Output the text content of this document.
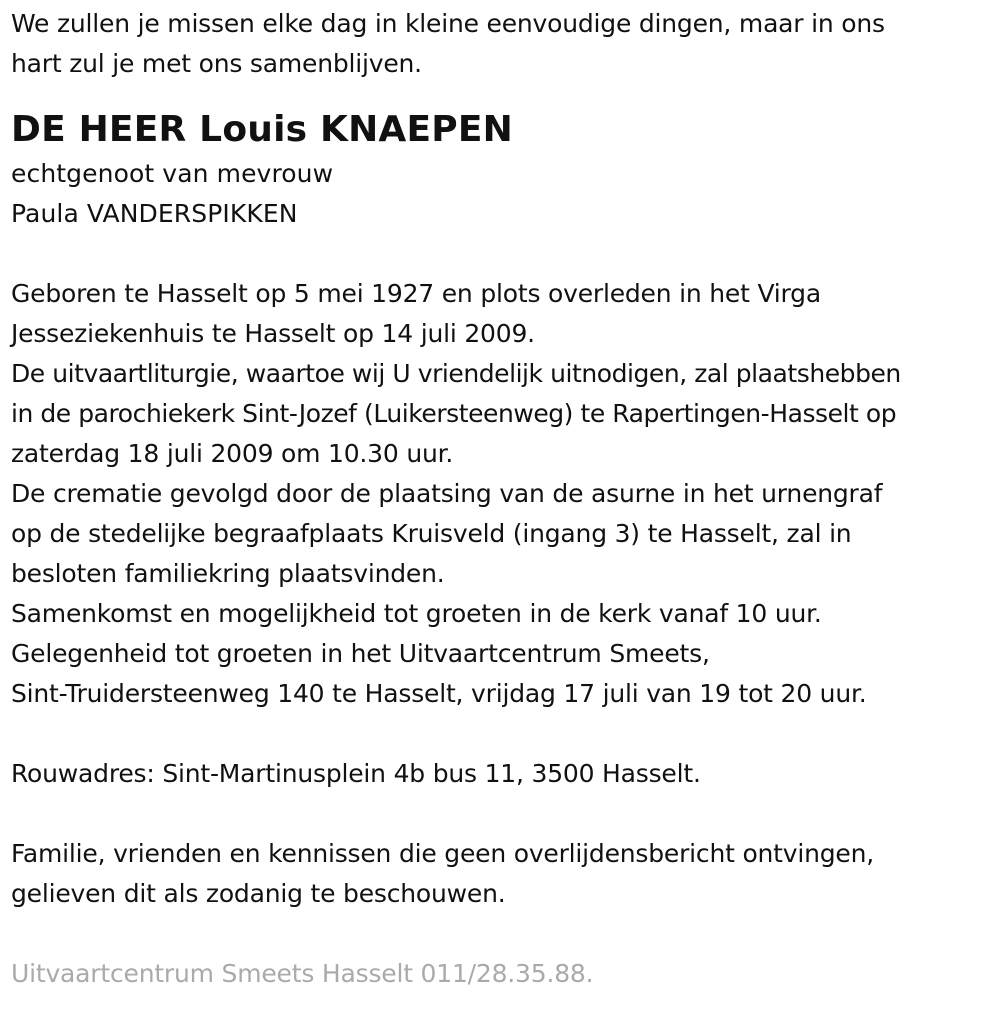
We zullen je missen elke dag in kleine eenvoudige dingen, maar in ons
hart zul je met ons samenblijven.
DE HEER Louis KNAEPEN
echtgenoot van mevrouw
Paula VANDERSPIKKEN
Geboren te Hasselt op 5 mei 1927 en plots overleden in het Virga
Jesseziekenhuis te Hasselt op 14 juli 2009.
De uitvaartliturgie, waartoe wij U vriendelijk uitnodigen, zal plaatshebben
in de parochiekerk Sint-Jozef (Luikersteenweg) te Rapertingen-Hasselt op
zaterdag 18 juli 2009 om 10.30 uur.
De crematie gevolgd door de plaatsing van de asurne in het urnengraf
op de stedelijke begraafplaats Kruisveld (ingang 3) te Hasselt, zal in
besloten familiekring plaatsvinden.
Samenkomst en mogelijkheid tot groeten in de kerk vanaf 10 uur.
Gelegenheid tot groeten in het Uitvaartcentrum Smeets,
Sint-Truidersteenweg 140 te Hasselt, vrijdag 17 juli van 19 tot 20 uur.
Rouwadres: Sint-Martinusplein 4b bus 11, 3500 Hasselt.
Familie, vrienden en kennissen die geen overlijdensbericht ontvingen,
gelieven dit als zodanig te beschouwen.
Uitvaartcentrum Smeets Hasselt 011/28.35.88.
